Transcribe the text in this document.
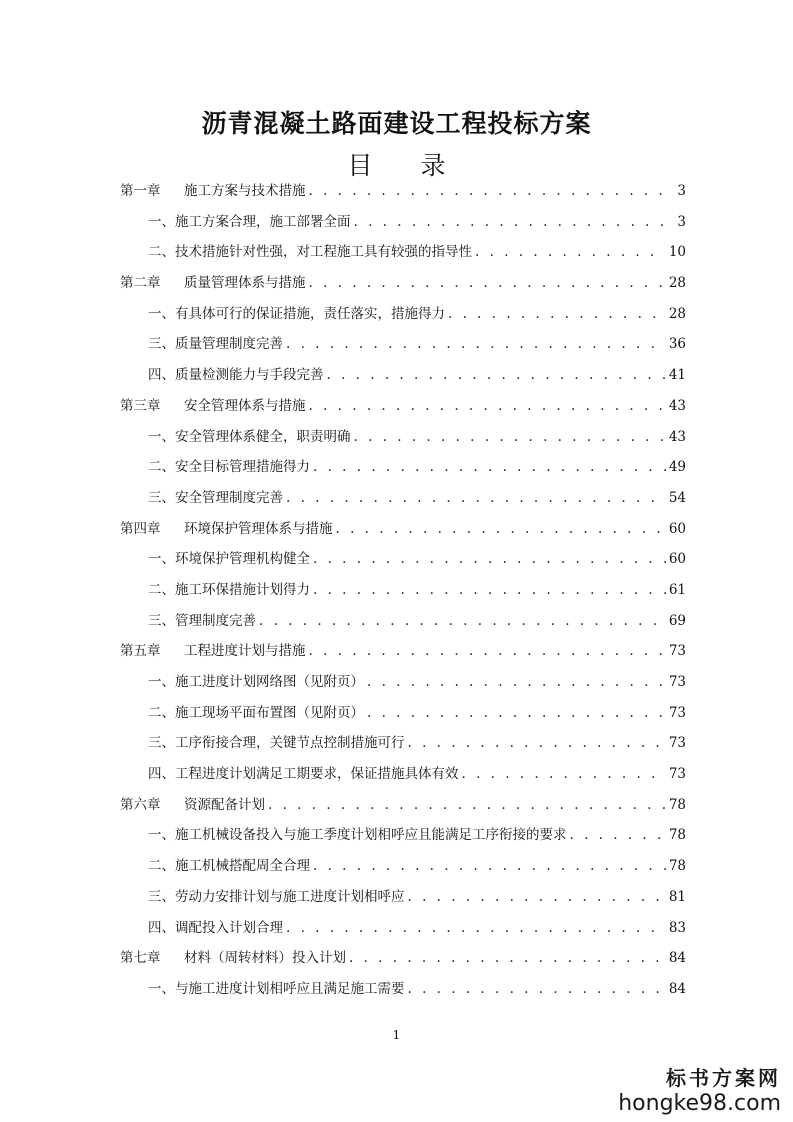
沥青混凝土路面建设工程投标方案
目 录
第一章 施工方案与技术措施 . . .	3
一、施工方案合理，施工部署全面 . . .	3
二、技术措施针对性强，对工程施工具有较强的指导性 . . .	10
第二章 质量管理体系与措施 . . .	28
一、有具体可行的保证措施，责任落实，措施得力 . . .	28
三、质量管理制度完善 . . .	36
四、质量检测能力与手段完善 . . .	41
第三章 安全管理体系与措施 . . .	43
一、安全管理体系健全，职责明确 . . .	43
二、安全目标管理措施得力 . . .	49
三、安全管理制度完善 . . .	54
第四章 环境保护管理体系与措施 . . .	60
一、环境保护管理机构健全 . . .	60
二、施工环保措施计划得力 . . .	61
三、管理制度完善 . . .	69
第五章 工程进度计划与措施 . . .	73
一、施工进度计划网络图（见附页） . . .	73
二、施工现场平面布置图（见附页） . . .	73
三、工序衔接合理，关键节点控制措施可行 . . .	73
四、工程进度计划满足工期要求，保证措施具体有效 . . .	73
第六章 资源配备计划 . . .	78
一、施工机械设备投入与施工季度计划相呼应且能满足工序衔接的要求 . . .	78
二、施工机械搭配周全合理 . . .	78
三、劳动力安排计划与施工进度计划相呼应 . . .	81
四、调配投入计划合理 . . .	83
第七章 材料（周转材料）投入计划 . . .	84
一、与施工进度计划相呼应且满足施工需要 . . .	84
1
标书方案网
hongke98.com
